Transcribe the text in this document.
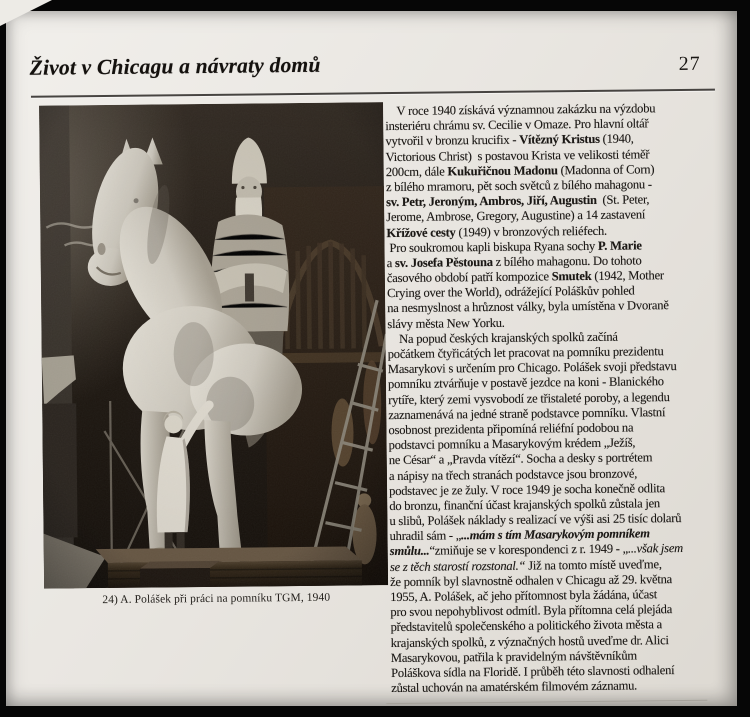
Život v Chicagu a návraty domů	27
24) A. Polášek při práci na pomníku TGM, 1940
V roce 1940 získává významnou zakázku na výzdobu
insteriéru chrámu sv. Cecilie v Omaze. Pro hlavní oltář
vytvořil v bronzu krucifix - Vítězný Kristus (1940,
Victorious Christ)  s postavou Krista ve velikosti téměř
200cm, dále Kukuřičnou Madonu (Madonna of Corn)
z bílého mramoru, pět soch světců z bílého mahagonu -
sv. Petr, Jeroným, Ambros, Jiří, Augustin  (St. Peter,
Jerome, Ambrose, Gregory, Augustine) a 14 zastavení
Křížové cesty (1949) v bronzových reliéfech.
Pro soukromou kapli biskupa Ryana sochy P. Marie
a sv. Josefa Pěstouna z bílého mahagonu. Do tohoto
časového období patří kompozice Smutek (1942, Mother
Crying over the World), odrážející Poláškův pohled
na nesmyslnost a hrůznost války, byla umístěna v Dvoraně
slávy města New Yorku.
Na popud českých krajanských spolků začíná
počátkem čtyřicátých let pracovat na pomníku prezidentu
Masarykovi s určením pro Chicago. Polášek svoji představu
pomníku ztvárňuje v postavě jezdce na koni - Blanického
rytíře, který zemi vysvobodí ze třistaleté poroby, a legendu
zaznamenává na jedné straně podstavce pomníku. Vlastní
osobnost prezidenta připomíná reliéfní podobou na
podstavci pomníku a Masarykovým krédem „Ježíš,
ne César“ a „Pravda vítězí“. Socha a desky s portrétem
a nápisy na třech stranách podstavce jsou bronzové,
podstavec je ze žuly. V roce 1949 je socha konečně odlita
do bronzu, finanční účast krajanských spolků zůstala jen
u slibů, Polášek náklady s realizací ve výši asi 25 tisíc dolarů
uhradil sám - „...mám s tím Masarykovým pomníkem
smůlu...“zmiňuje se v korespondenci z r. 1949 - „...však jsem
se z těch starostí rozstonal.“ Již na tomto místě uveďme,
že pomník byl slavnostně odhalen v Chicagu až 29. května
1955, A. Polášek, ač jeho přítomnost byla žádána, účast
pro svou nepohyblivost odmítl. Byla přítomna celá plejáda
představitelů společenského a politického života města a
krajanských spolků, z význačných hostů uveďme dr. Alici
Masarykovou, patřila k pravidelným návštěvníkům
Poláškova sídla na Floridě. I průběh této slavnosti odhalení
zůstal uchován na amatérském filmovém záznamu.
